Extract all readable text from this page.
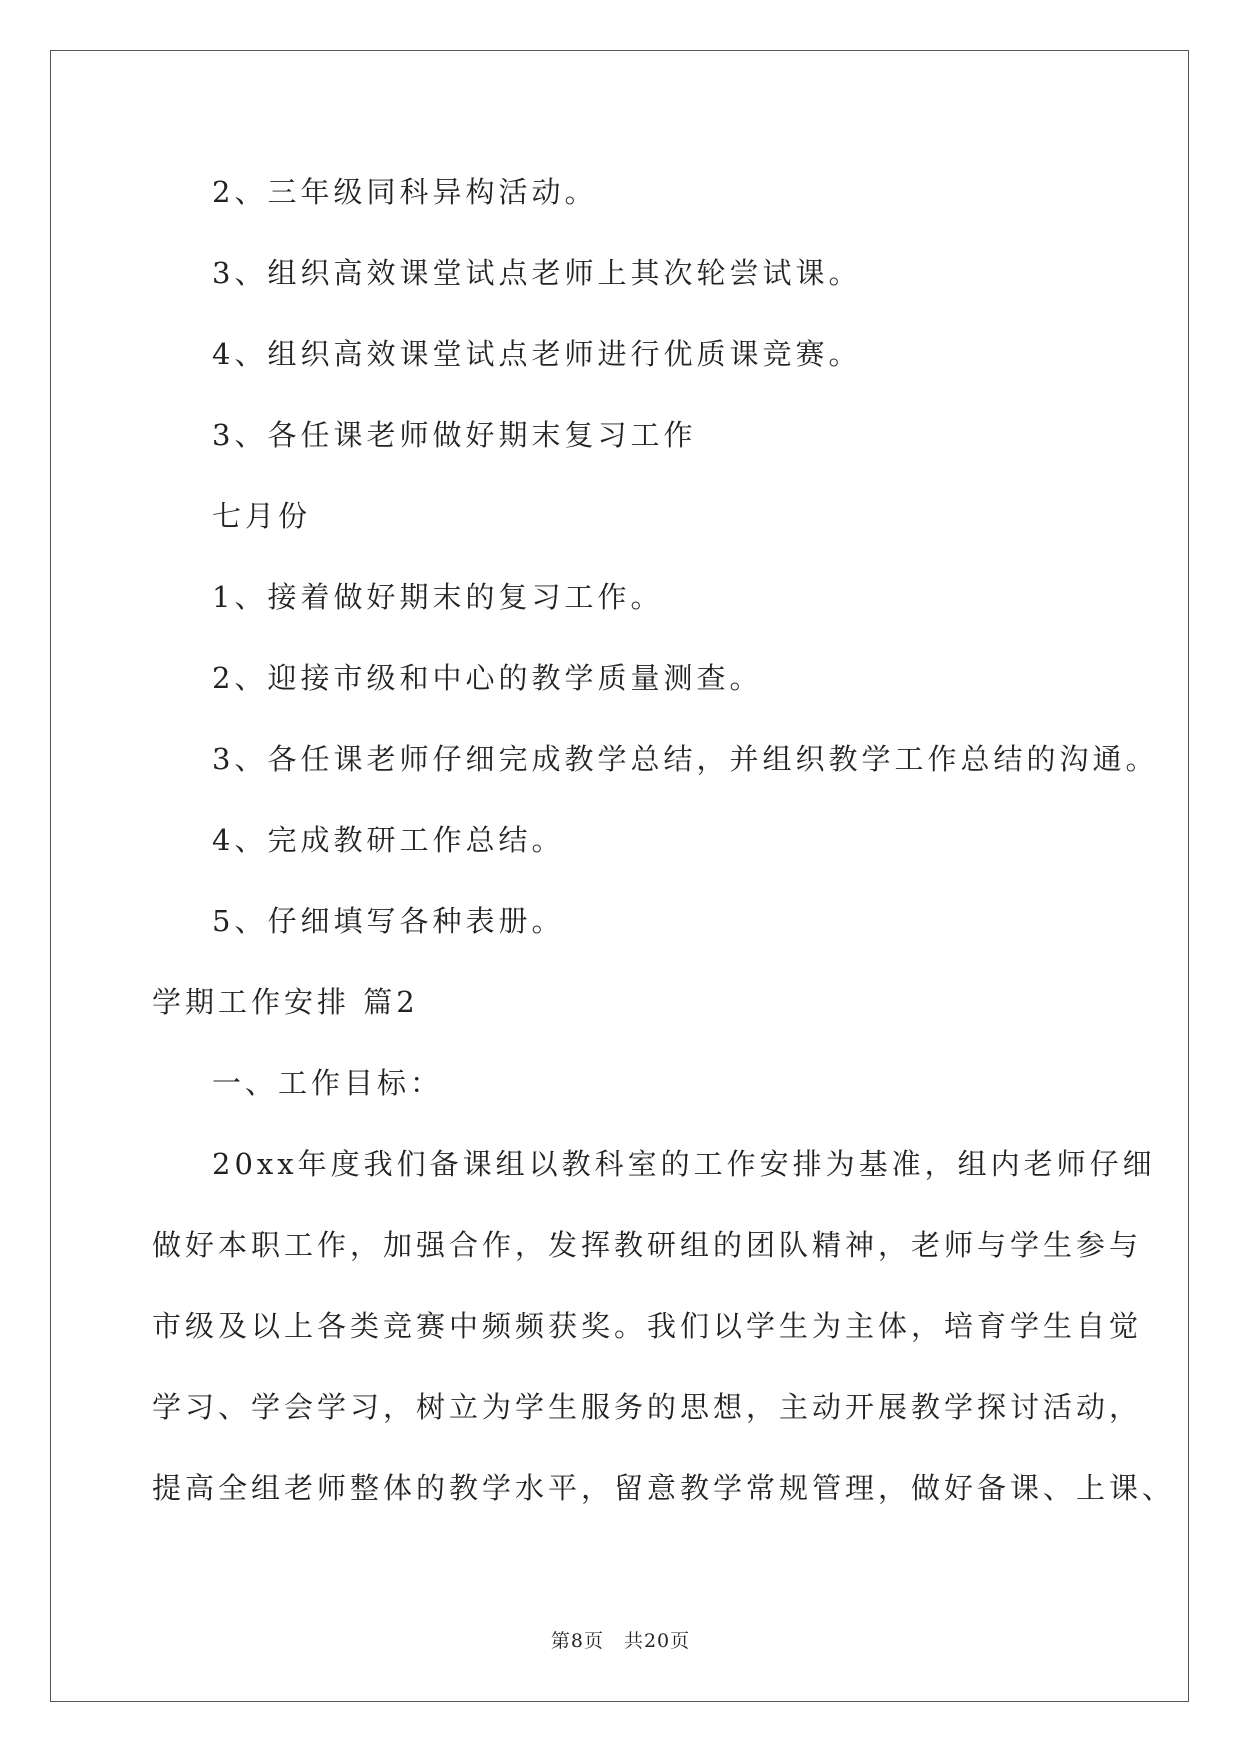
2、三年级同科异构活动。
3、组织高效课堂试点老师上其次轮尝试课。
4、组织高效课堂试点老师进行优质课竞赛。
3、各任课老师做好期末复习工作
七月份
1、接着做好期末的复习工作。
2、迎接市级和中心的教学质量测查。
3、各任课老师仔细完成教学总结，并组织教学工作总结的沟通。
4、完成教研工作总结。
5、仔细填写各种表册。
学期工作安排 篇2
一、工作目标：
20xx年度我们备课组以教科室的工作安排为基准，组内老师仔细
做好本职工作，加强合作，发挥教研组的团队精神，老师与学生参与
市级及以上各类竞赛中频频获奖。我们以学生为主体，培育学生自觉
学习、学会学习，树立为学生服务的思想，主动开展教学探讨活动，
提高全组老师整体的教学水平，留意教学常规管理，做好备课、上课、
第8页　共20页
